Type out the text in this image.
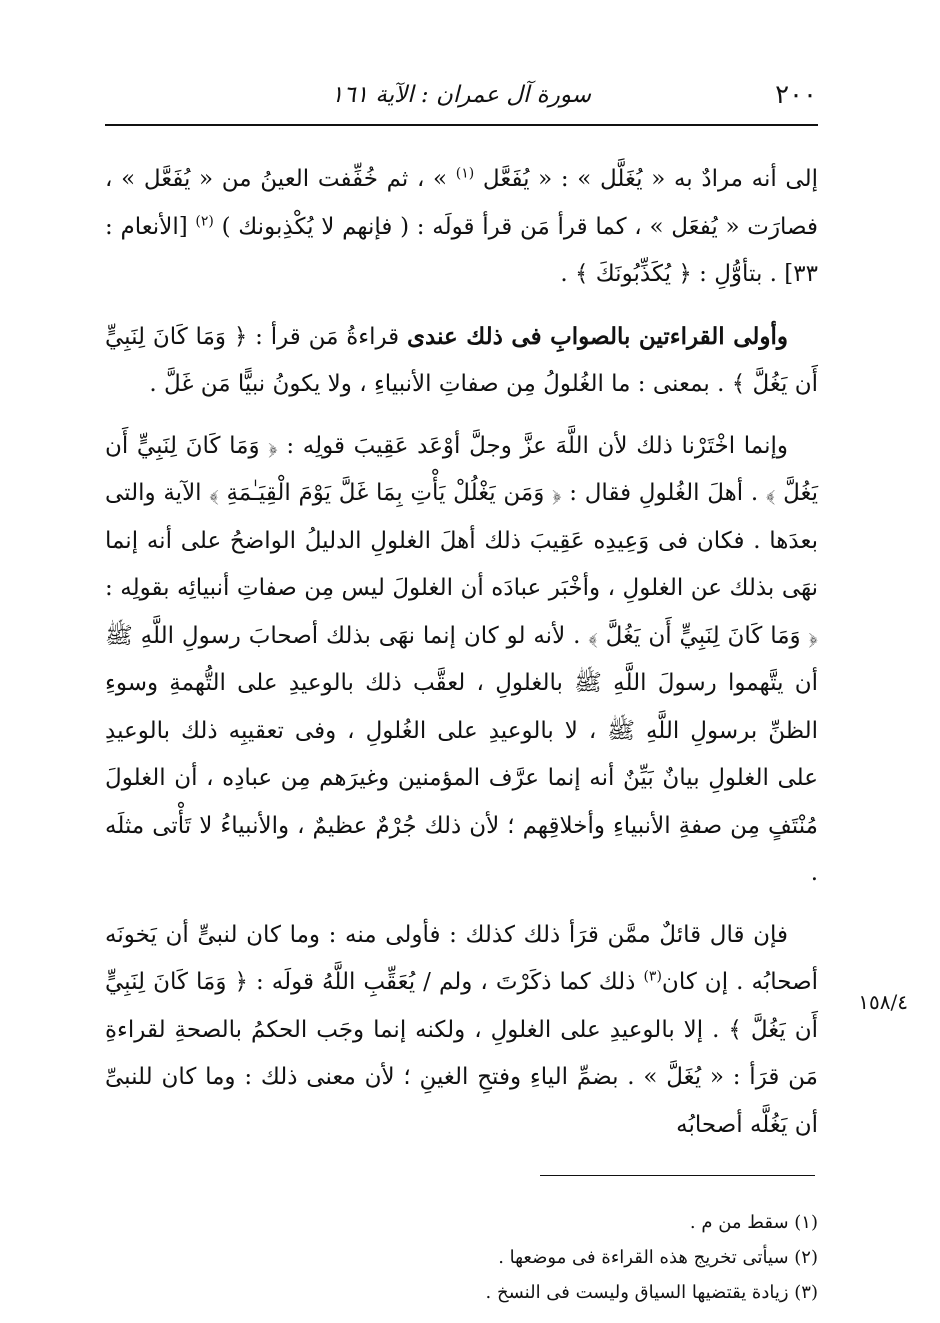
٢٠٠
سورة آل عمران : الآية ١٦١

إلى أنه مرادٌ به « يُغَلَّل » : « يُفَعَّل $^{(١)}$ » ، ثم خُفِّفت العينُ من « يُفَعَّل » ، فصارَت « يُفعَل » ، كما قرأ مَن قرأ قولَه : ( فإنهم لا يُكْذِبونك ) $^{(٢)}$ [الأنعام : ٣٣] . بتأوُّلِ : ﴿ يُكَذِّبُونَكَ ﴾ .

وأولى القراءتين بالصوابِ فى ذلك عندى قراءةُ مَن قرأ : ﴿ وَمَا كَانَ لِنَبِيٍّ أَن يَغُلَّ ﴾ . بمعنى : ما الغُلولُ مِن صفاتِ الأنبياءِ ، ولا يكونُ نبيًّا مَن غَلَّ .

وإنما اخْتَرْنا ذلك لأن اللَّهَ عزَّ وجلَّ أوْعَد عَقِيبَ قولِه : ﴿ وَمَا كَانَ لِنَبِيٍّ أَن يَغُلَّ ﴾ . أهلَ الغُلولِ فقال : ﴿ وَمَن يَغْلُلْ يَأْتِ بِمَا غَلَّ يَوْمَ الْقِيَـٰمَةِ ﴾ الآية والتى بعدَها . فكان فى وَعِيدِه عَقِيبَ ذلك أهلَ الغلولِ الدليلُ الواضحُ على أنه إنما نهَى بذلك عن الغلولِ ، وأخْبَر عبادَه أن الغلولَ ليس مِن صفاتِ أنبيائِه بقولِه : ﴿ وَمَا كَانَ لِنَبِيٍّ أَن يَغُلَّ ﴾ . لأنه لو كان إنما نهَى بذلك أصحابَ رسولِ اللَّهِ ﷺ أن يتَّهموا رسولَ اللَّهِ ﷺ بالغلولِ ، لعقَّب ذلك بالوعيدِ على التُّهمةِ وسوءِ الظنِّ برسولِ اللَّهِ ﷺ ، لا بالوعيدِ على الغُلولِ ، وفى تعقيبِه ذلك بالوعيدِ على الغلولِ بيانٌ بَيِّنٌ أنه إنما عرَّف المؤمنين وغيرَهم مِن عبادِه ، أن الغلولَ مُنْتَفٍ مِن صفةِ الأنبياءِ وأخلاقِهم ؛ لأن ذلك جُرْمٌ عظيمٌ ، والأنبياءُ لا تَأْتى مثلَه .

فإن قال قائلٌ ممَّن قرَأ ذلك كذلك : فأولى منه : وما كان لنبىٍّ أن يَخونَه أصحابُه . إن كان$^{(٣)}$ ذلك كما ذكَرْتَ ، ولم / يُعَقِّبِ اللَّهُ قولَه : ﴿ وَمَا كَانَ لِنَبِيٍّ أَن يَغُلَّ ﴾ . إلا بالوعيدِ على الغلولِ ، ولكنه إنما وجَب الحكمُ بالصحةِ لقراءةِ مَن قرَأ : « يُغَلَّ » . بضمِّ الياءِ وفتحِ الغينِ ؛ لأن معنى ذلك : وما كان للنبىِّ أن يَغُلَّه أصحابُه

١٥٨/٤
(١) سقط من م .
(٢) سيأتى تخريج هذه القراءة فى موضعها .
(٣) زيادة يقتضيها السياق وليست فى النسخ .
